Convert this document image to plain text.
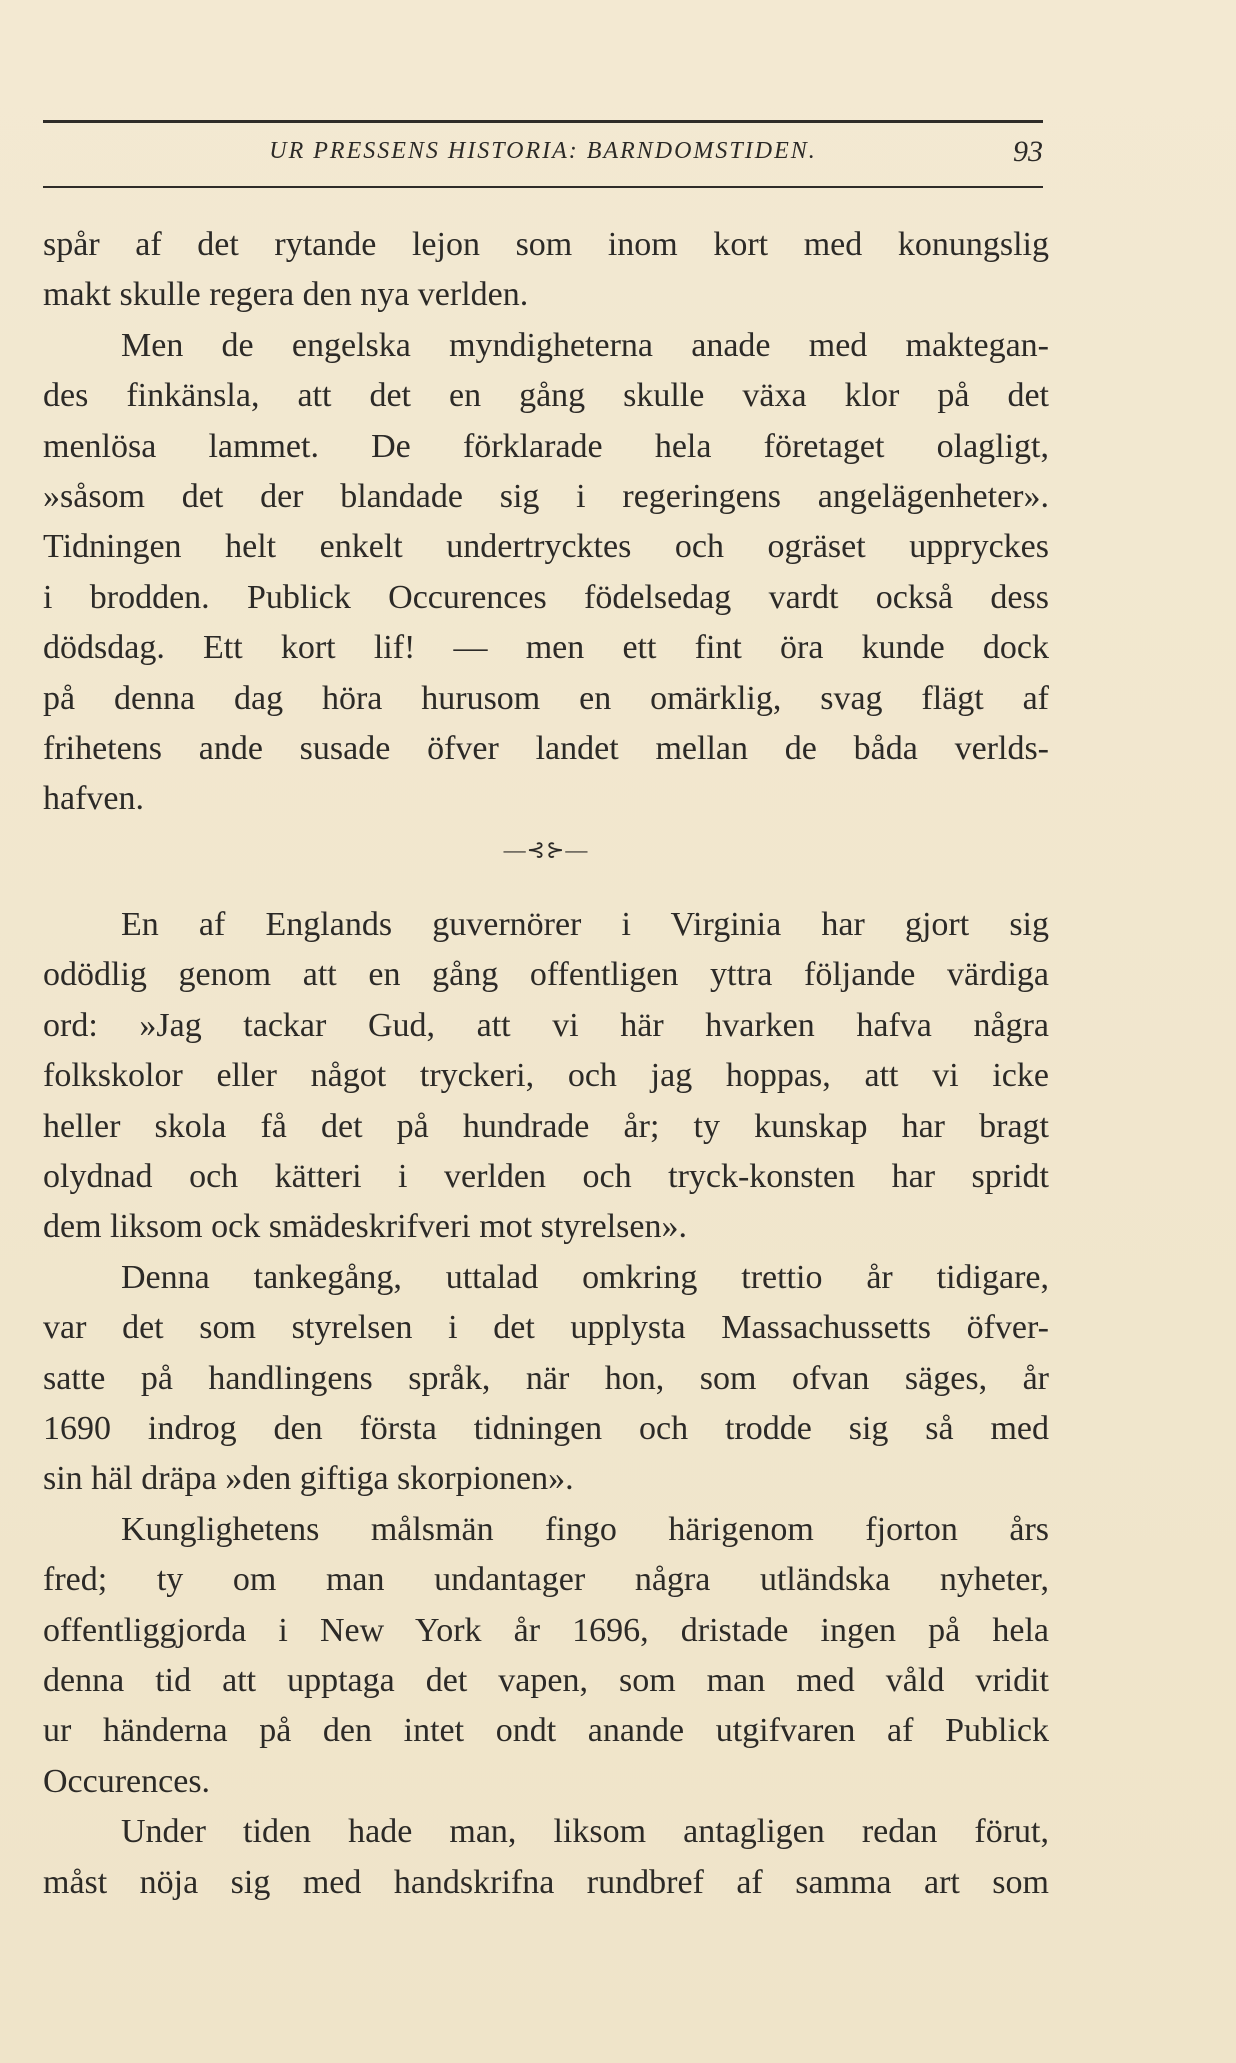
UR PRESSENS HISTORIA: BARNDOMSTIDEN.	93
spår af det rytande lejon som inom kort med konungslig
makt skulle regera den nya verlden.
Men de engelska myndigheterna anade med maktegan-
des finkänsla, att det en gång skulle växa klor på det
menlösa lammet. De förklarade hela företaget olagligt,
»såsom det der blandade sig i regeringens angelägenheter».
Tidningen helt enkelt undertrycktes och ogräset uppryckes
i brodden. Publick Occurences födelsedag vardt också dess
dödsdag. Ett kort lif! — men ett fint öra kunde dock
på denna dag höra hurusom en omärklig, svag flägt af
frihetens ande susade öfver landet mellan de båda verlds-
hafven.
—⊰⊱—
En af Englands guvernörer i Virginia har gjort sig
odödlig genom att en gång offentligen yttra följande värdiga
ord: »Jag tackar Gud, att vi här hvarken hafva några
folkskolor eller något tryckeri, och jag hoppas, att vi icke
heller skola få det på hundrade år; ty kunskap har bragt
olydnad och kätteri i verlden och tryck-konsten har spridt
dem liksom ock smädeskrifveri mot styrelsen».
Denna tankegång, uttalad omkring trettio år tidigare,
var det som styrelsen i det upplysta Massachussetts öfver-
satte på handlingens språk, när hon, som ofvan säges, år
1690 indrog den första tidningen och trodde sig så med
sin häl dräpa »den giftiga skorpionen».
Kunglighetens målsmän fingo härigenom fjorton års
fred; ty om man undantager några utländska nyheter,
offentliggjorda i New York år 1696, dristade ingen på hela
denna tid att upptaga det vapen, som man med våld vridit
ur händerna på den intet ondt anande utgifvaren af Publick
Occurences.
Under tiden hade man, liksom antagligen redan förut,
måst nöja sig med handskrifna rundbref af samma art som
